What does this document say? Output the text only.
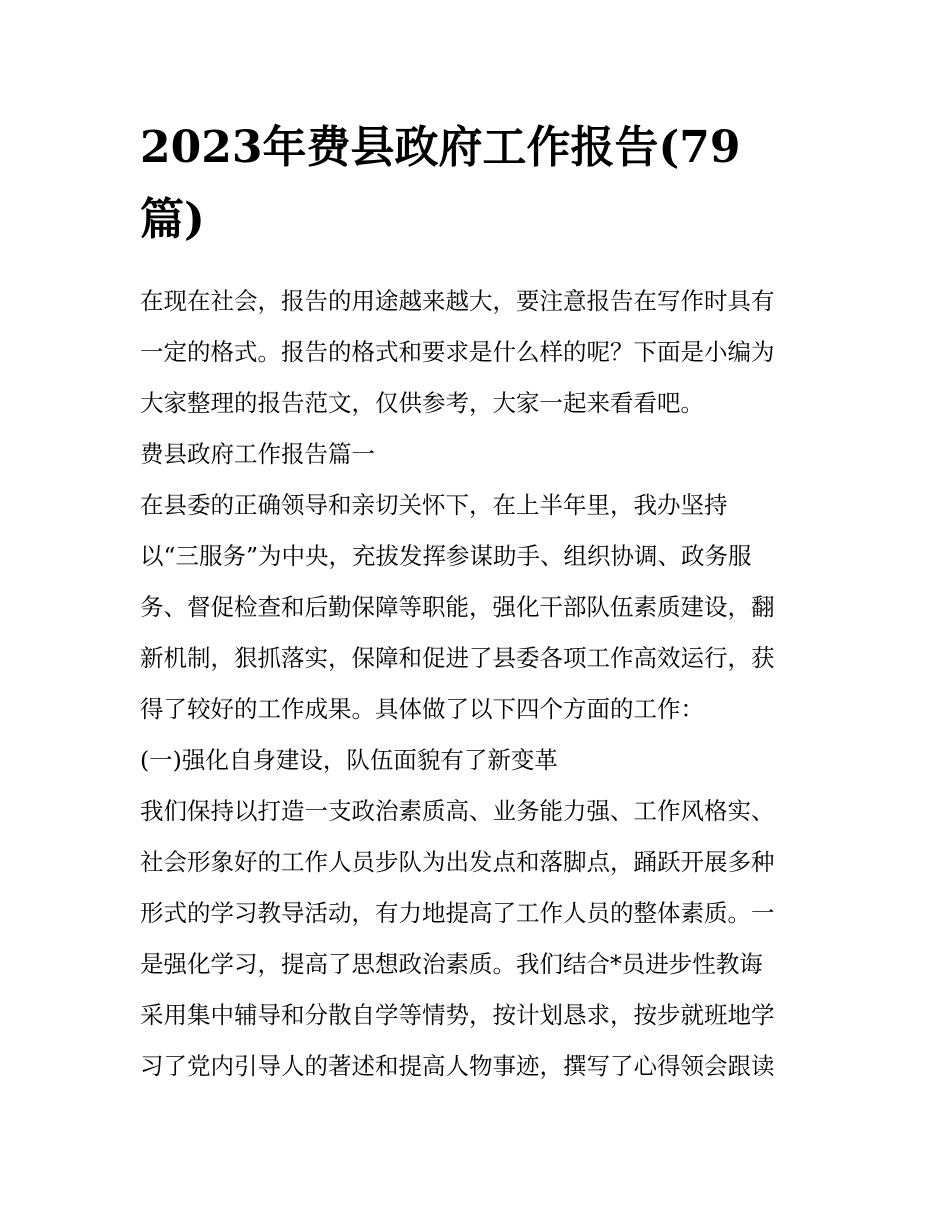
2023年费县政府工作报告(79
篇)
在现在社会，报告的用途越来越大，要注意报告在写作时具有
一定的格式。报告的格式和要求是什么样的呢？下面是小编为
大家整理的报告范文，仅供参考，大家一起来看看吧。
费县政府工作报告篇一
在县委的正确领导和亲切关怀下，在上半年里，我办坚持
以“三服务”为中央，充拔发挥参谋助手、组织协调、政务服
务、督促检查和后勤保障等职能，强化干部队伍素质建设，翻
新机制，狠抓落实，保障和促进了县委各项工作高效运行，获
得了较好的工作成果。具体做了以下四个方面的工作：
(一)强化自身建设，队伍面貌有了新变革
我们保持以打造一支政治素质高、业务能力强、工作风格实、
社会形象好的工作人员步队为出发点和落脚点，踊跃开展多种
形式的学习教导活动，有力地提高了工作人员的整体素质。一
是强化学习，提高了思想政治素质。我们结合*员进步性教诲
采用集中辅导和分散自学等情势，按计划恳求，按步就班地学
习了党内引导人的著述和提高人物事迹，撰写了心得领会跟读
